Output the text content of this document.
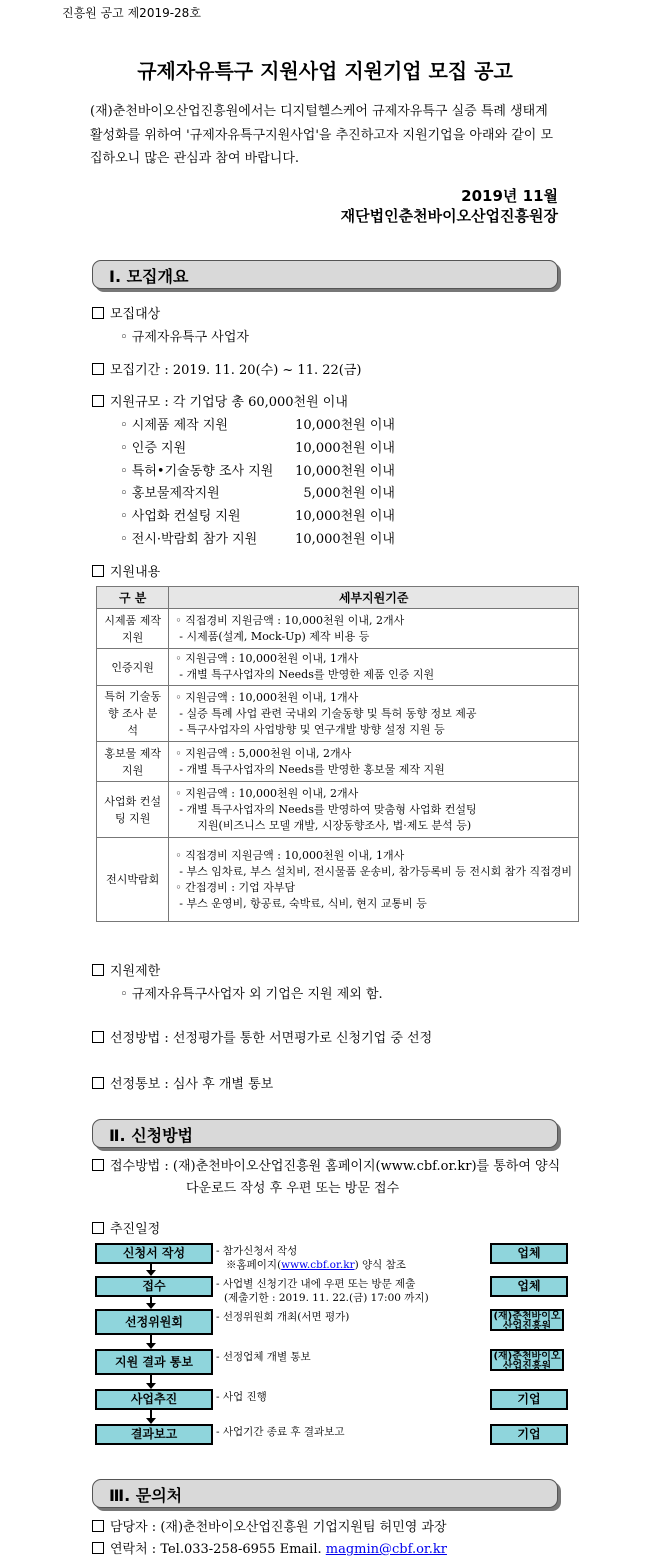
진흥원 공고 제2019-28호
규제자유특구 지원사업 지원기업 모집 공고
(재)춘천바이오산업진흥원에서는 디지털헬스케어 규제자유특구 실증 특례 생태계 활성화를 위하여 '규제자유특구지원사업'을 추진하고자 지원기업을 아래와 같이 모집하오니 많은 관심과 참여 바랍니다.
2019년 11월
재단법인춘천바이오산업진흥원장
Ⅰ. 모집개요
모집대상
◦ 규제자유특구 사업자
모집기간 : 2019. 11. 20(수) ~ 11. 22(금)
지원규모 : 각 기업당 총 60,000천원 이내
◦ 시제품 제작 지원	10,000천원 이내
◦ 인증 지원	10,000천원 이내
◦ 특허•기술동향 조사 지원 10,000천원 이내
◦ 홍보물제작지원	5,000천원 이내
◦ 사업화 컨설팅 지원	10,000천원 이내
◦ 전시·박람회 참가 지원	10,000천원 이내
지원내용
구 분	세부지원기준
시제품 제작 지원	◦ 직접경비 지원금액 : 10,000천원 이내, 2개사
- 시제품(설계, Mock-Up) 제작 비용 등

인증지원	◦ 지원금액 : 10,000천원 이내, 1개사
- 개별 특구사업자의 Needs를 반영한 제품 인증 지원

특허 기술동향 조사 분석	◦ 지원금액 : 10,000천원 이내, 1개사
- 실증 특례 사업 관련 국내외 기술동향 및 특허 동향 정보 제공
- 특구사업자의 사업방향 및 연구개발 방향 설정 지원 등

홍보물 제작 지원	◦ 지원금액 : 5,000천원 이내, 2개사
- 개별 특구사업자의 Needs를 반영한 홍보물 제작 지원

사업화 컨설팅 지원	◦ 지원금액 : 10,000천원 이내, 2개사
- 개별 특구사업자의 Needs를 반영하여 맞춤형 사업화 컨설팅
지원(비즈니스 모델 개발, 시장동향조사, 법·제도 분석 등)

전시박람회	◦ 직접경비 지원금액 : 10,000천원 이내, 1개사
- 부스 임차료, 부스 설치비, 전시물품 운송비, 참가등록비 등 전시회 참가 직접경비
◦ 간접경비 : 기업 자부담
- 부스 운영비, 항공료, 숙박료, 식비, 현지 교통비 등
지원제한
◦ 규제자유특구사업자 외 기업은 지원 제외 함.
선정방법 : 선정평가를 통한 서면평가로 신청기업 중 선정
선정통보 : 심사 후 개별 통보
Ⅱ. 신청방법
접수방법 : (재)춘천바이오산업진흥원 홈페이지(www.cbf.or.kr)를 통하여 양식
다운로드 작성 후 우편 또는 방문 접수
추진일정
신청서 작성	업체
- 참가신청서 작성
※홈페이지(www.cbf.or.kr) 양식 참조
접수	업체
- 사업별 신청기간 내에 우편 또는 방문 제출
(제출기한 : 2019. 11. 22.(금) 17:00 까지)
선정위원회	(재)춘천바이오산업진흥원
- 선정위원회 개최(서면 평가)
지원 결과 통보	(재)춘천바이오산업진흥원
- 선정업체 개별 통보
사업추진	기업
- 사업 진행
결과보고	기업
- 사업기간 종료 후 결과보고
Ⅲ. 문의처
담당자 : (재)춘천바이오산업진흥원 기업지원팀 허민영 과장
연락처 : Tel.033-258-6955 Email. magmin@cbf.or.kr
